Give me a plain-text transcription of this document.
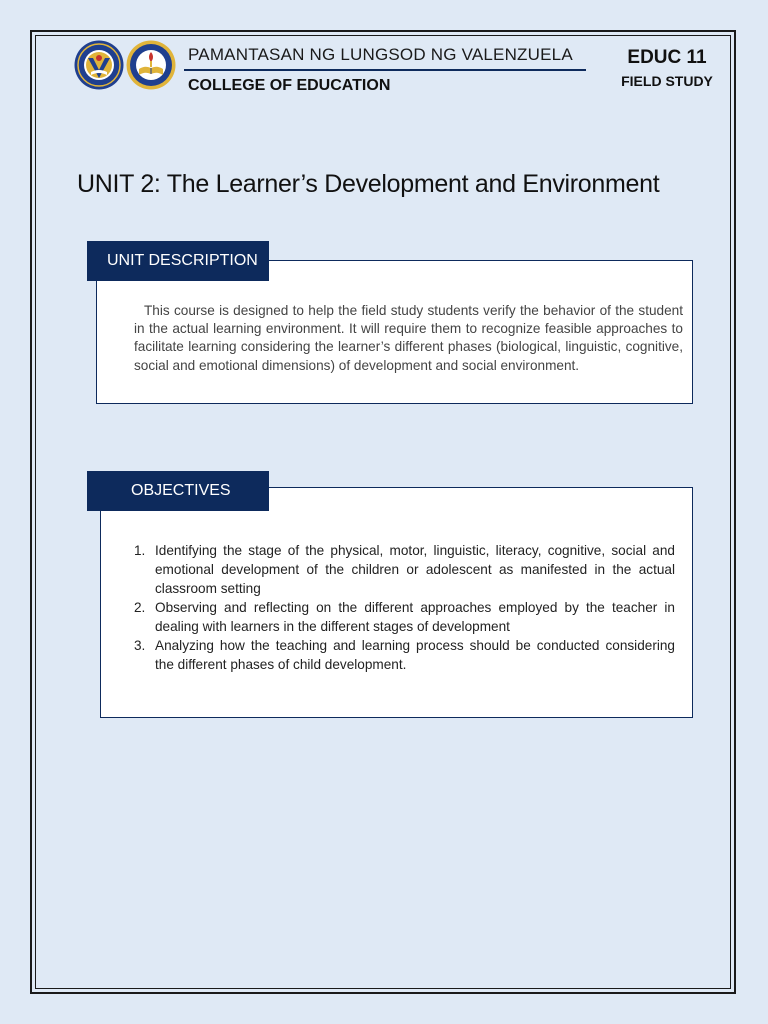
PAMANTASAN NG LUNGSOD NG VALENZUELA
COLLEGE OF EDUCATION
EDUC 11
FIELD STUDY
UNIT 2: The Learner’s Development and Environment
UNIT DESCRIPTION

This course is designed to help the field study students verify the behavior of the student in the actual learning environment. It will require them to recognize feasible approaches to facilitate learning considering the learner’s different phases (biological, linguistic, cognitive, social and emotional dimensions) of development and social environment.

OBJECTIVES
1. Identifying the stage of the physical, motor, linguistic, literacy, cognitive, social and emotional development of the children or adolescent as manifested in the actual classroom setting
2. Observing and reflecting on the different approaches employed by the teacher in dealing with learners in the different stages of development
3. Analyzing how the teaching and learning process should be conducted considering the different phases of child development.
